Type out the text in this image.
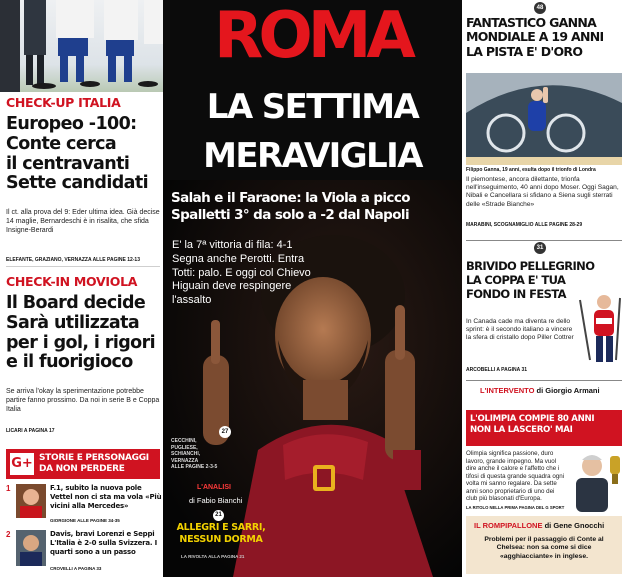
CHECK-UP ITALIA
Europeo -100:
Conte cerca
il centravanti
Sette candidati
Il ct. alla prova del 9: Eder ultima idea. Già decise 14 maglie, Bernardeschi è in risalita, che sfida Insigne-Berardi
ELEFANTE, GRAZIANO, VERNAZZA ALLE PAGINE 12-13
CHECK-IN MOVIOLA
Il Board decide
Sarà utilizzata
per i gol, i rigori
e il fuorigioco
Se arriva l'okay la sperimentazione potrebbe partire fanno prossimo. Da noi in serie B e Coppa Italia
LICARI A PAGINA 17
G+ STORIE E PERSONAGGI DA NON PERDERE
1	F.1, subito la nuova pole Vettel non ci sta ma vola «Più vicini alla Mercedes»
GIORGIONE ALLE PAGINE 34-35
2	Davis, bravi Lorenzi e Seppi L'Italia è 2-0 sulla Svizzera. I quarti sono a un passo
CROVELLI A PAGINA 33
ROMA
LA SETTIMA
MERAVIGLIA
Salah e il Faraone: la Viola a picco
Spalletti 3° da solo a -2 dal Napoli
E' la 7ª vittoria di fila: 4-1 Segna anche Perotti. Entra Totti: palo. E oggi col Chievo Higuain deve respingere l'assalto
CECCHINI,
PUGLIESE,
SCHIANCHI,
VERNAZZA
ALLE PAGINE 2-3-5
27
L'ANALISI
di Fabio Bianchi
21
ALLEGRI E SARRI,
NESSUN DORMA
LA RIVOLTA ALLA PAGINA 21
48
FANTASTICO GANNA
MONDIALE A 19 ANNI
LA PISTA E' D'ORO
Filippo Ganna, 19 anni, esulta dopo il trionfo di Londra
Il piemontese, ancora dilettante, trionfa nell'inseguimento, 40 anni dopo Moser. Oggi Sagan, Nibali e Cancellara si sfidano a Siena sugli sterrati delle «Strade Bianche»
MARABINI, SCOGNAMIGLIO ALLE PAGINE 28-29
31
BRIVIDO PELLEGRINO
LA COPPA E' TUA
FONDO IN FESTA
In Canada cade ma diventa re dello sprint: è il secondo italiano a vincere la sfera di cristallo dopo Piller Cottrer
ARCOBELLI A PAGINA 31
L'INTERVENTO di Giorgio Armani
L'OLIMPIA COMPIE 80 ANNI
NON LA LASCERO' MAI
Olimpia significa passione, duro lavoro, grande impegno. Ma vuol dire anche il calore e l'affetto che i tifosi di questa grande squadra ogni volta mi sanno regalare. Da sette anni sono proprietario di uno dei club più blasonati d'Europa.
LA RITOLO NELLA PRIMA PAGINA DEL G SPORT
IL ROMPIPALLONE di Gene Gnocchi
Problemi per il passaggio di Conte al Chelsea: non sa come si dice «agghiacciante» in inglese.
